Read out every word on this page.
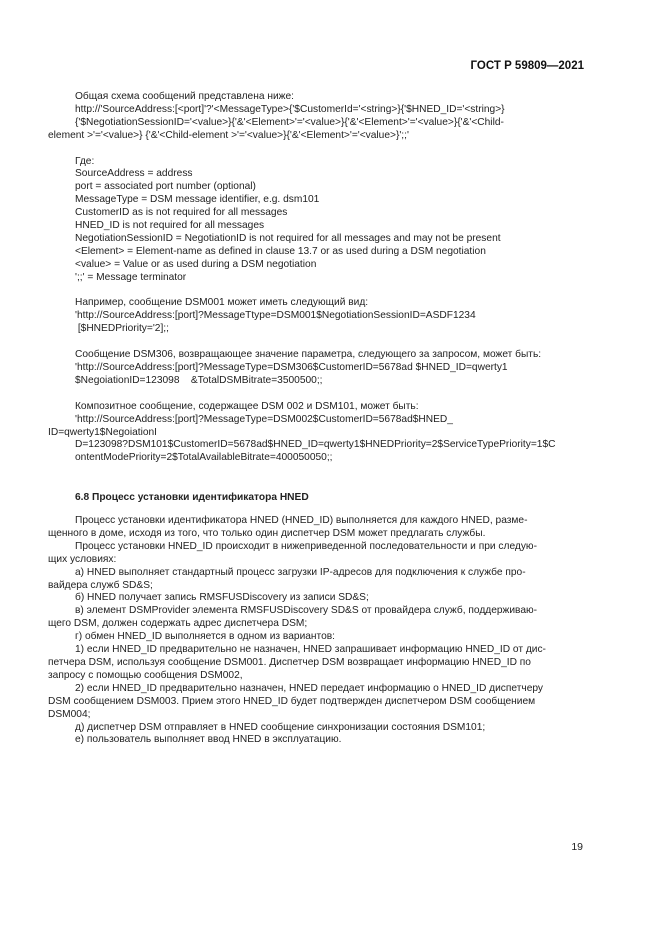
ГОСТ Р 59809—2021
Общая схема сообщений представлена ниже:
http://'SourceAddress:[<port]'?'<MessageType>{'$CustomerId='<string>}{'$HNED_ID='<string>}
{'$NegotiationSessionID='<value>}{'&'<Element>'='<value>}{'&'<Element>'='<value>}{'&'<Child-
element >'='<value>} {'&'<Child-element >'='<value>}{'&'<Element>'='<value>}';;'
Где:
SourceAddress = address
port = associated port number (optional)
MessageType = DSM message identifier, e.g. dsm101
CustomerID as is not required for all messages
HNED_ID is not required for all messages
NegotiationSessionID = NegotiationID is not required for all messages and may not be present
<Element> = Element-name as defined in clause 13.7 or as used during a DSM negotiation
<value> = Value or as used during a DSM negotiation
';;' = Message terminator
Например, сообщение DSM001 может иметь следующий вид:
'http://SourceAddress:[port]?MessageTtype=DSM001$NegotiationSessionID=ASDF1234
[$HNEDPriority='2];;
Сообщение DSM306, возвращающее значение параметра, следующего за запросом, может быть:
'http://SourceAddress:[port]?MessageType=DSM306$CustomerID=5678ad $HNED_ID=qwerty1
$NegoiationID=123098    &TotalDSMBitrate=3500500;;
Композитное сообщение, содержащее DSM 002 и DSM101, может быть:
'http://SourceAddress:[port]?MessageType=DSM002$CustomerID=5678ad$HNED_
ID=qwerty1$NegoiationI
D=123098?DSM101$CustomerID=5678ad$HNED_ID=qwerty1$HNEDPriority=2$ServiceTypePriority=1$C
ontentModePriority=2$TotalAvailableBitrate=400050050;;
6.8 Процесс установки идентификатора HNED
Процесс установки идентификатора HNED (HNED_ID) выполняется для каждого HNED, разме-
щенного в доме, исходя из того, что только один диспетчер DSM может предлагать службы.
Процесс установки HNED_ID происходит в нижеприведенной последовательности и при следую-
щих условиях:
а) HNED выполняет стандартный процесс загрузки IP-адресов для подключения к службе про-
вайдера служб SD&S;
б) HNED получает запись RMSFUSDiscovery из записи SD&S;
в) элемент DSMProvider элемента RMSFUSDiscovery SD&S от провайдера служб, поддерживаю-
щего DSM, должен содержать адрес диспетчера DSM;
г) обмен HNED_ID выполняется в одном из вариантов:
1) если HNED_ID предварительно не назначен, HNED запрашивает информацию HNED_ID от дис-
петчера DSM, используя сообщение DSM001. Диспетчер DSM возвращает информацию HNED_ID по
запросу с помощью сообщения DSM002,
2) если HNED_ID предварительно назначен, HNED передает информацию о HNED_ID диспетчеру
DSM сообщением DSM003. Прием этого HNED_ID будет подтвержден диспетчером DSM сообщением
DSM004;
д) диспетчер DSM отправляет в HNED сообщение синхронизации состояния DSM101;
е) пользователь выполняет ввод HNED в эксплуатацию.
19
